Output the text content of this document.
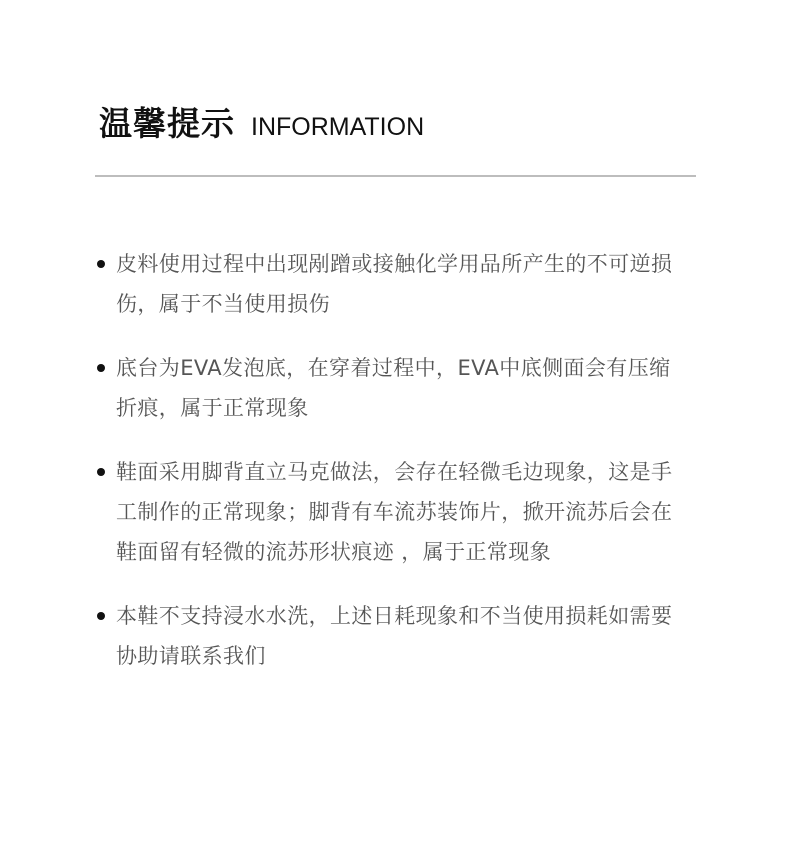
温馨提示 INFORMATION
皮料使用过程中出现剐蹭或接触化学用品所产生的不可逆损伤，属于不当使用损伤
底台为EVA发泡底，在穿着过程中，EVA中底侧面会有压缩折痕，属于正常现象
鞋面采用脚背直立马克做法，会存在轻微毛边现象，这是手工制作的正常现象；脚背有车流苏装饰片，掀开流苏后会在鞋面留有轻微的流苏形状痕迹 ，属于正常现象
本鞋不支持浸水水洗，上述日耗现象和不当使用损耗如需要协助请联系我们
